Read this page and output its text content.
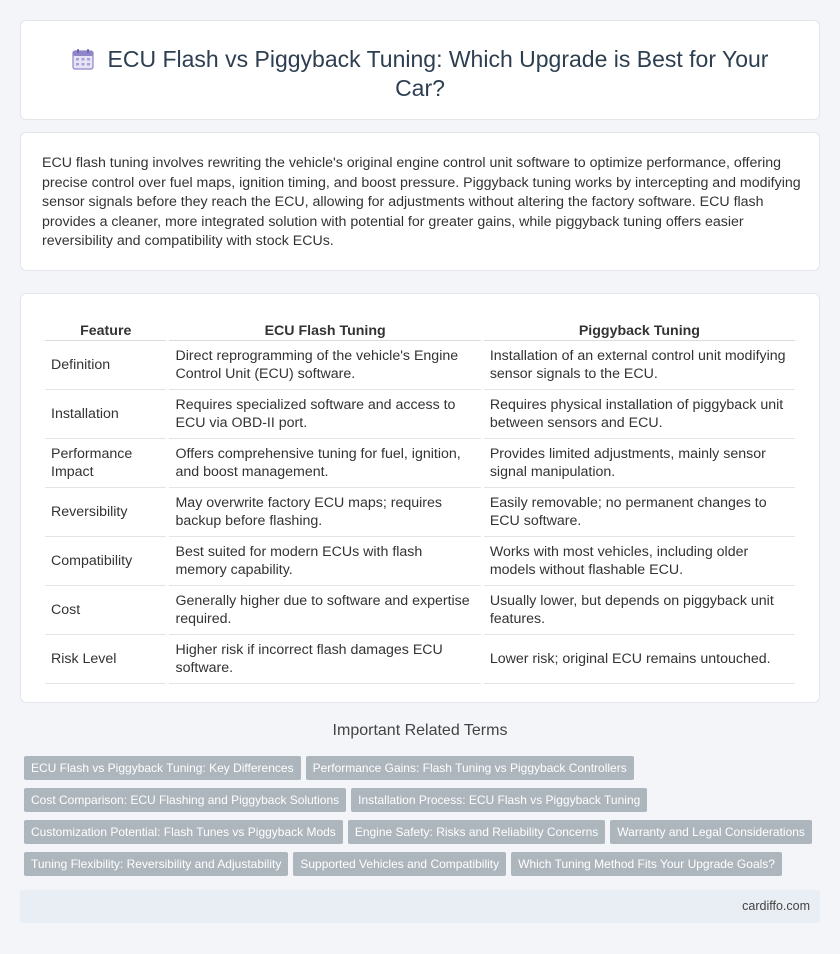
ECU Flash vs Piggyback Tuning: Which Upgrade is Best for Your Car?
ECU flash tuning involves rewriting the vehicle's original engine control unit software to optimize performance, offering precise control over fuel maps, ignition timing, and boost pressure. Piggyback tuning works by intercepting and modifying sensor signals before they reach the ECU, allowing for adjustments without altering the factory software. ECU flash provides a cleaner, more integrated solution with potential for greater gains, while piggyback tuning offers easier reversibility and compatibility with stock ECUs.
Feature	ECU Flash Tuning	Piggyback Tuning
Definition	Direct reprogramming of the vehicle's Engine Control Unit (ECU) software.	Installation of an external control unit modifying sensor signals to the ECU.
Installation	Requires specialized software and access to ECU via OBD-II port.	Requires physical installation of piggyback unit between sensors and ECU.
Performance Impact	Offers comprehensive tuning for fuel, ignition, and boost management.	Provides limited adjustments, mainly sensor signal manipulation.
Reversibility	May overwrite factory ECU maps; requires backup before flashing.	Easily removable; no permanent changes to ECU software.
Compatibility	Best suited for modern ECUs with flash memory capability.	Works with most vehicles, including older models without flashable ECU.
Cost	Generally higher due to software and expertise required.	Usually lower, but depends on piggyback unit features.
Risk Level	Higher risk if incorrect flash damages ECU software.	Lower risk; original ECU remains untouched.
Important Related Terms
ECU Flash vs Piggyback Tuning: Key Differences Performance Gains: Flash Tuning vs Piggyback Controllers
Cost Comparison: ECU Flashing and Piggyback Solutions Installation Process: ECU Flash vs Piggyback Tuning
Customization Potential: Flash Tunes vs Piggyback Mods Engine Safety: Risks and Reliability Concerns Warranty and Legal Considerations
Tuning Flexibility: Reversibility and Adjustability Supported Vehicles and Compatibility Which Tuning Method Fits Your Upgrade Goals?
cardiffo.com
